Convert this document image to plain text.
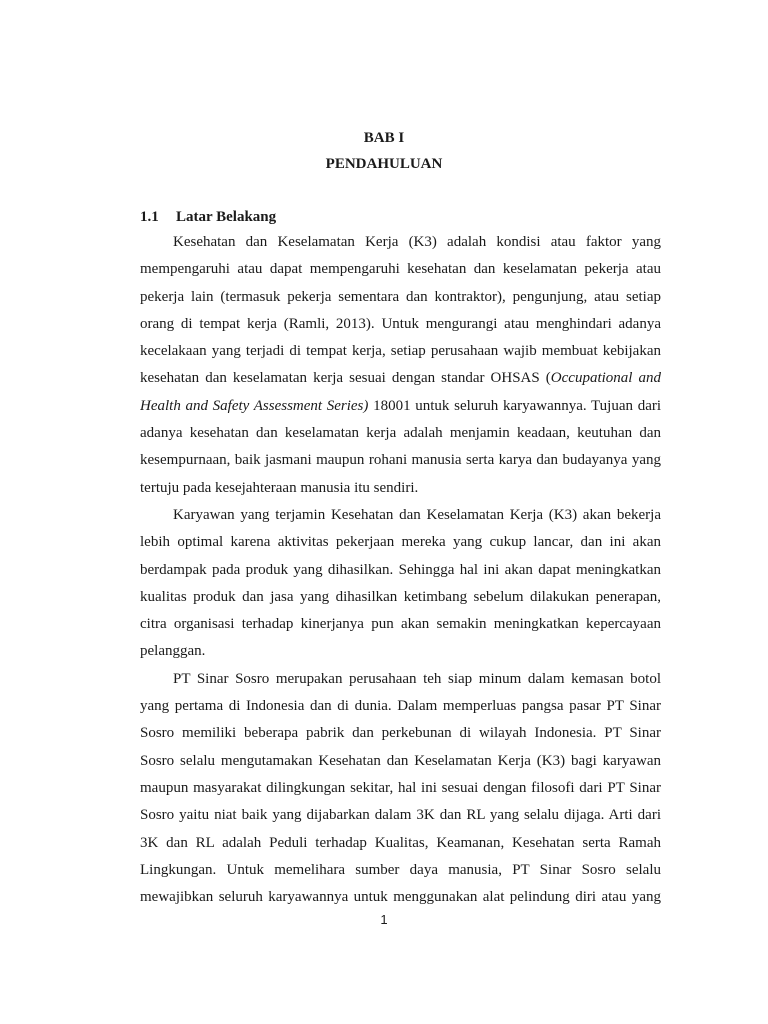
BAB I
PENDAHULUAN
1.1 Latar Belakang
Kesehatan dan Keselamatan Kerja (K3) adalah kondisi atau faktor yang
mempengaruhi atau dapat mempengaruhi kesehatan dan keselamatan pekerja atau
pekerja lain (termasuk pekerja sementara dan kontraktor), pengunjung, atau setiap
orang di tempat kerja (Ramli, 2013). Untuk mengurangi atau menghindari adanya
kecelakaan yang terjadi di tempat kerja, setiap perusahaan wajib membuat kebijakan
kesehatan dan keselamatan kerja sesuai dengan standar OHSAS (Occupational and
Health and Safety Assessment Series) 18001 untuk seluruh karyawannya. Tujuan dari
adanya kesehatan dan keselamatan kerja adalah menjamin keadaan, keutuhan dan
kesempurnaan, baik jasmani maupun rohani manusia serta karya dan budayanya yang
tertuju pada kesejahteraan manusia itu sendiri.
Karyawan yang terjamin Kesehatan dan Keselamatan Kerja (K3) akan bekerja
lebih optimal karena aktivitas pekerjaan mereka yang cukup lancar, dan ini akan
berdampak pada produk yang dihasilkan. Sehingga hal ini akan dapat meningkatkan
kualitas produk dan jasa yang dihasilkan ketimbang sebelum dilakukan penerapan,
citra organisasi terhadap kinerjanya pun akan semakin meningkatkan kepercayaan
pelanggan.
PT Sinar Sosro merupakan perusahaan teh siap minum dalam kemasan botol
yang pertama di Indonesia dan di dunia. Dalam memperluas pangsa pasar PT Sinar
Sosro memiliki beberapa pabrik dan perkebunan di wilayah Indonesia. PT Sinar
Sosro selalu mengutamakan Kesehatan dan Keselamatan Kerja (K3) bagi karyawan
maupun masyarakat dilingkungan sekitar, hal ini sesuai dengan filosofi dari PT Sinar
Sosro yaitu niat baik yang dijabarkan dalam 3K dan RL yang selalu dijaga. Arti dari
3K dan RL adalah Peduli terhadap Kualitas, Keamanan, Kesehatan serta Ramah
Lingkungan. Untuk memelihara sumber daya manusia, PT Sinar Sosro selalu
mewajibkan seluruh karyawannya untuk menggunakan alat pelindung diri atau yang
1
